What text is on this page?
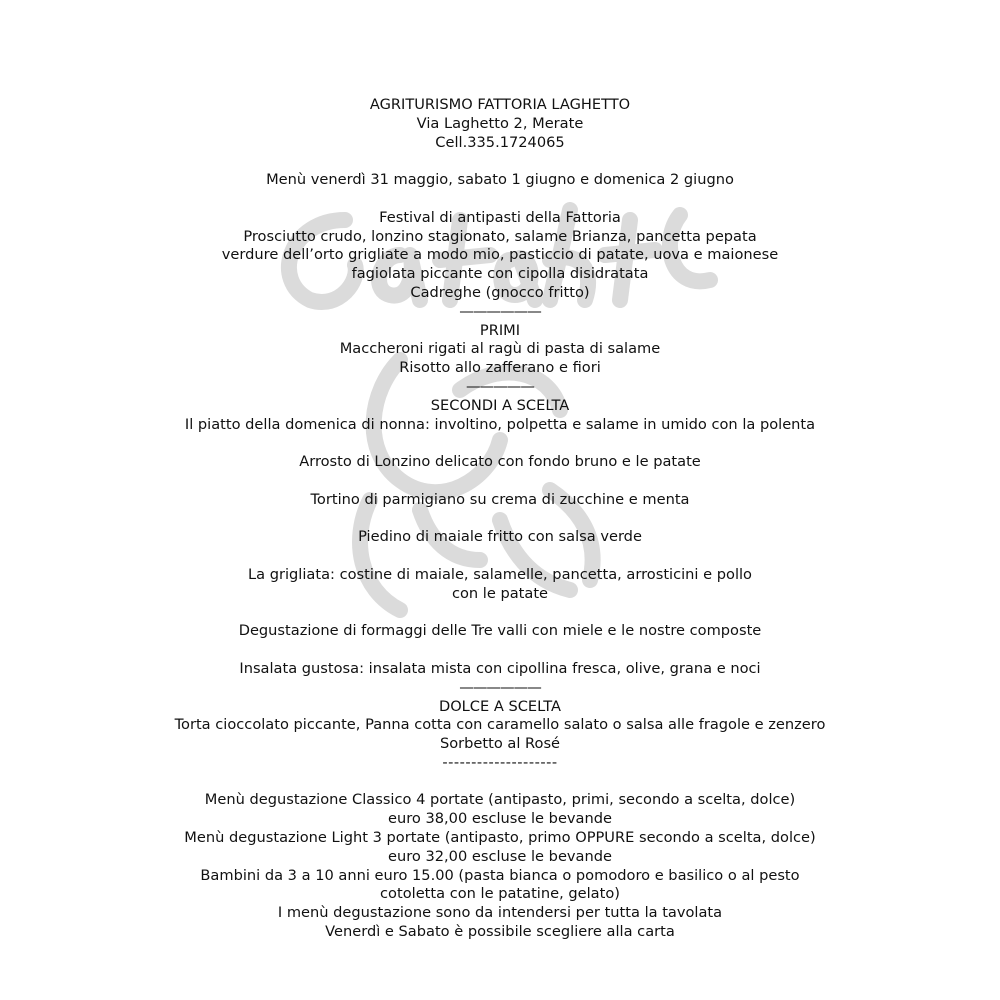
AGRITURISMO FATTORIA LAGHETTO
Via Laghetto 2, Merate
Cell.335.1724065
Menù venerdì 31 maggio, sabato 1 giugno e domenica 2 giugno
Festival di antipasti della Fattoria
Prosciutto crudo, lonzino stagionato, salame Brianza, pancetta pepata
verdure dell’orto grigliate a modo mio, pasticcio di patate, uova e maionese
fagiolata piccante con cipolla disidratata
Cadreghe (gnocco fritto)
——————
PRIMI
Maccheroni rigati al ragù di pasta di salame
Risotto allo zafferano e fiori
—————
SECONDI A SCELTA
Il piatto della domenica di nonna: involtino, polpetta e salame in umido con la polenta
Arrosto di Lonzino delicato con fondo bruno e le patate
Tortino di parmigiano su crema di zucchine e menta
Piedino di maiale fritto con salsa verde
La grigliata: costine di maiale, salamelle, pancetta, arrosticini e pollo
con le patate
Degustazione di formaggi delle Tre valli con miele e le nostre composte
Insalata gustosa: insalata mista con cipollina fresca, olive, grana e noci
——————
DOLCE A SCELTA
Torta cioccolato piccante, Panna cotta con caramello salato o salsa alle fragole e zenzero
Sorbetto al Rosé
--------------------
Menù degustazione Classico 4 portate (antipasto, primi, secondo a scelta, dolce)
euro 38,00 escluse le bevande
Menù degustazione Light 3 portate (antipasto, primo OPPURE secondo a scelta, dolce)
euro 32,00 escluse le bevande
Bambini da 3 a 10 anni euro 15.00 (pasta bianca o pomodoro e basilico o al pesto
cotoletta con le patatine, gelato)
I menù degustazione sono da intendersi per tutta la tavolata
Venerdì e Sabato è possibile scegliere alla carta
